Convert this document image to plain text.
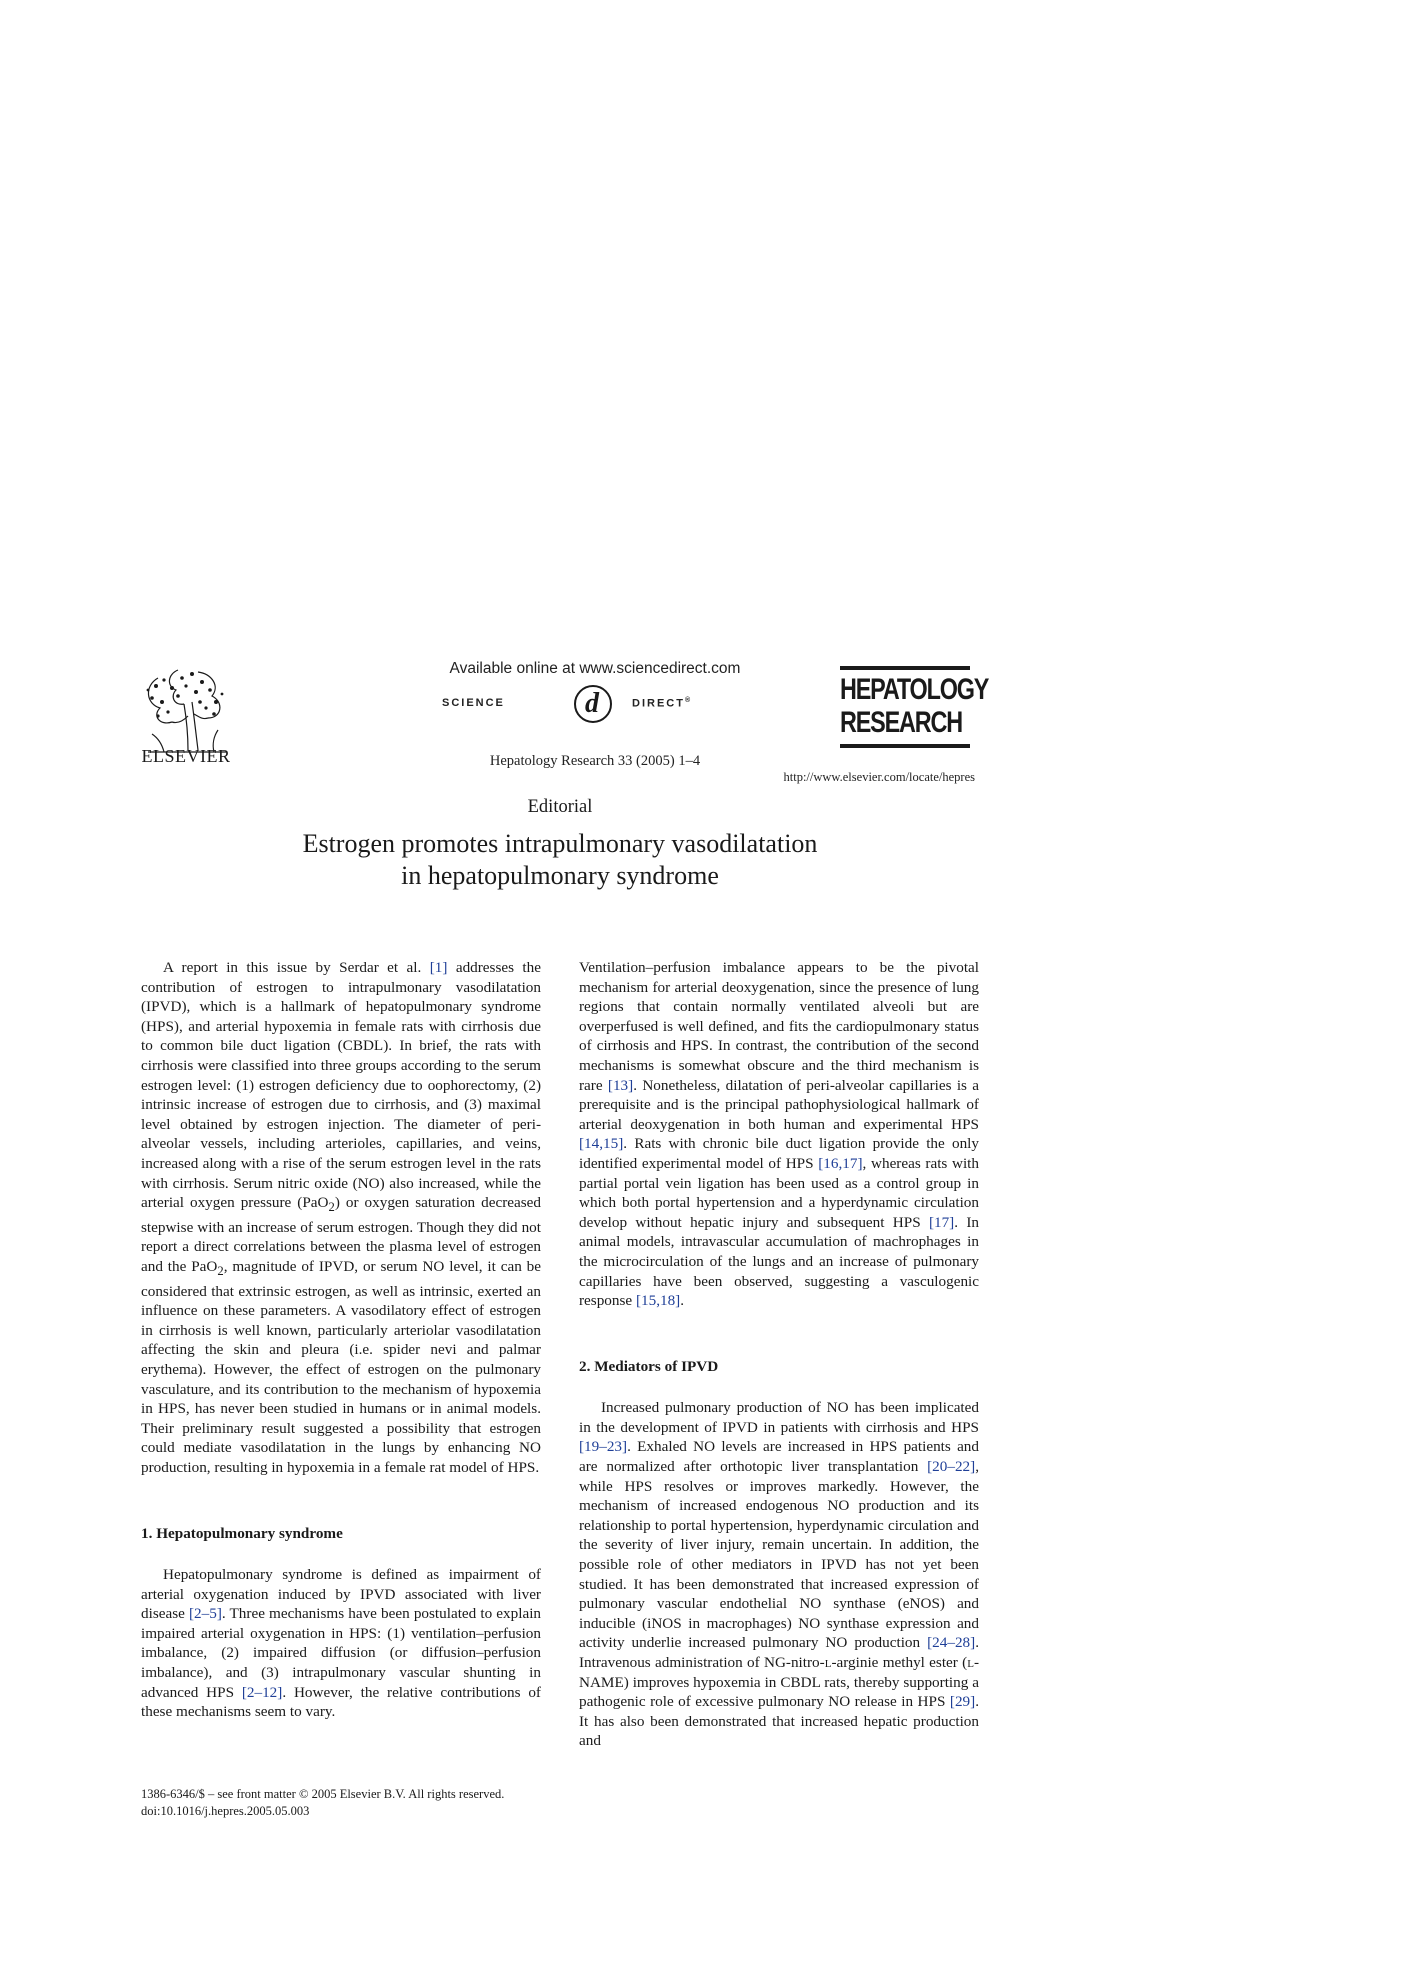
ELSEVIER
Available online at www.sciencedirect.com
SCIENCE	d	DIRECT®
Hepatology Research 33 (2005) 1–4
HEPATOLOGY
RESEARCH
http://www.elsevier.com/locate/hepres
Editorial
Estrogen promotes intrapulmonary vasodilatation
in hepatopulmonary syndrome

A report in this issue by Serdar et al. [1] addresses the contribution of estrogen to intrapulmonary vasodilatation (IPVD), which is a hallmark of hepatopulmonary syndrome (HPS), and arterial hypoxemia in female rats with cirrhosis due to common bile duct ligation (CBDL). In brief, the rats with cirrhosis were classified into three groups according to the serum estrogen level: (1) estrogen deficiency due to oophorectomy, (2) intrinsic increase of estrogen due to cirrhosis, and (3) maximal level obtained by estrogen injection. The diameter of peri-alveolar vessels, including arterioles, capillaries, and veins, increased along with a rise of the serum estrogen level in the rats with cirrhosis. Serum nitric oxide (NO) also increased, while the arterial oxygen pressure (PaO$_2$) or oxygen saturation decreased stepwise with an increase of serum estrogen. Though they did not report a direct correlations between the plasma level of estrogen and the PaO$_2$, magnitude of IPVD, or serum NO level, it can be considered that extrinsic estrogen, as well as intrinsic, exerted an influence on these parameters. A vasodilatory effect of estrogen in cirrhosis is well known, particularly arteriolar vasodilatation affecting the skin and pleura (i.e. spider nevi and palmar erythema). However, the effect of estrogen on the pulmonary vasculature, and its contribution to the mechanism of hypoxemia in HPS, has never been studied in humans or in animal models. Their preliminary result suggested a possibility that estrogen could mediate vasodilatation in the lungs by enhancing NO production, resulting in hypoxemia in a female rat model of HPS.

1. Hepatopulmonary syndrome

Hepatopulmonary syndrome is defined as impairment of arterial oxygenation induced by IPVD associated with liver disease [2–5]. Three mechanisms have been postulated to explain impaired arterial oxygenation in HPS: (1) ventilation–perfusion imbalance, (2) impaired diffusion (or diffusion–perfusion imbalance), and (3) intrapulmonary vascular shunting in advanced HPS [2–12]. However, the relative contributions of these mechanisms seem to vary.

Ventilation–perfusion imbalance appears to be the pivotal mechanism for arterial deoxygenation, since the presence of lung regions that contain normally ventilated alveoli but are overperfused is well defined, and fits the cardiopulmonary status of cirrhosis and HPS. In contrast, the contribution of the second mechanisms is somewhat obscure and the third mechanism is rare [13]. Nonetheless, dilatation of peri-alveolar capillaries is a prerequisite and is the principal pathophysiological hallmark of arterial deoxygenation in both human and experimental HPS [14,15]. Rats with chronic bile duct ligation provide the only identified experimental model of HPS [16,17], whereas rats with partial portal vein ligation has been used as a control group in which both portal hypertension and a hyperdynamic circulation develop without hepatic injury and subsequent HPS [17]. In animal models, intravascular accumulation of machrophages in the microcirculation of the lungs and an increase of pulmonary capillaries have been observed, suggesting a vasculogenic response [15,18].

2. Mediators of IPVD

Increased pulmonary production of NO has been implicated in the development of IPVD in patients with cirrhosis and HPS [19–23]. Exhaled NO levels are increased in HPS patients and are normalized after orthotopic liver transplantation [20–22], while HPS resolves or improves markedly. However, the mechanism of increased endogenous NO production and its relationship to portal hypertension, hyperdynamic circulation and the severity of liver injury, remain uncertain. In addition, the possible role of other mediators in IPVD has not yet been studied. It has been demonstrated that increased expression of pulmonary vascular endothelial NO synthase (eNOS) and inducible (iNOS in macrophages) NO synthase expression and activity underlie increased pulmonary NO production [24–28]. Intravenous administration of NG-nitro-l-arginie methyl ester (l-NAME) improves hypoxemia in CBDL rats, thereby supporting a pathogenic role of excessive pulmonary NO release in HPS [29]. It has also been demonstrated that increased hepatic production and

1386-6346/$ – see front matter © 2005 Elsevier B.V. All rights reserved.
doi:10.1016/j.hepres.2005.05.003
